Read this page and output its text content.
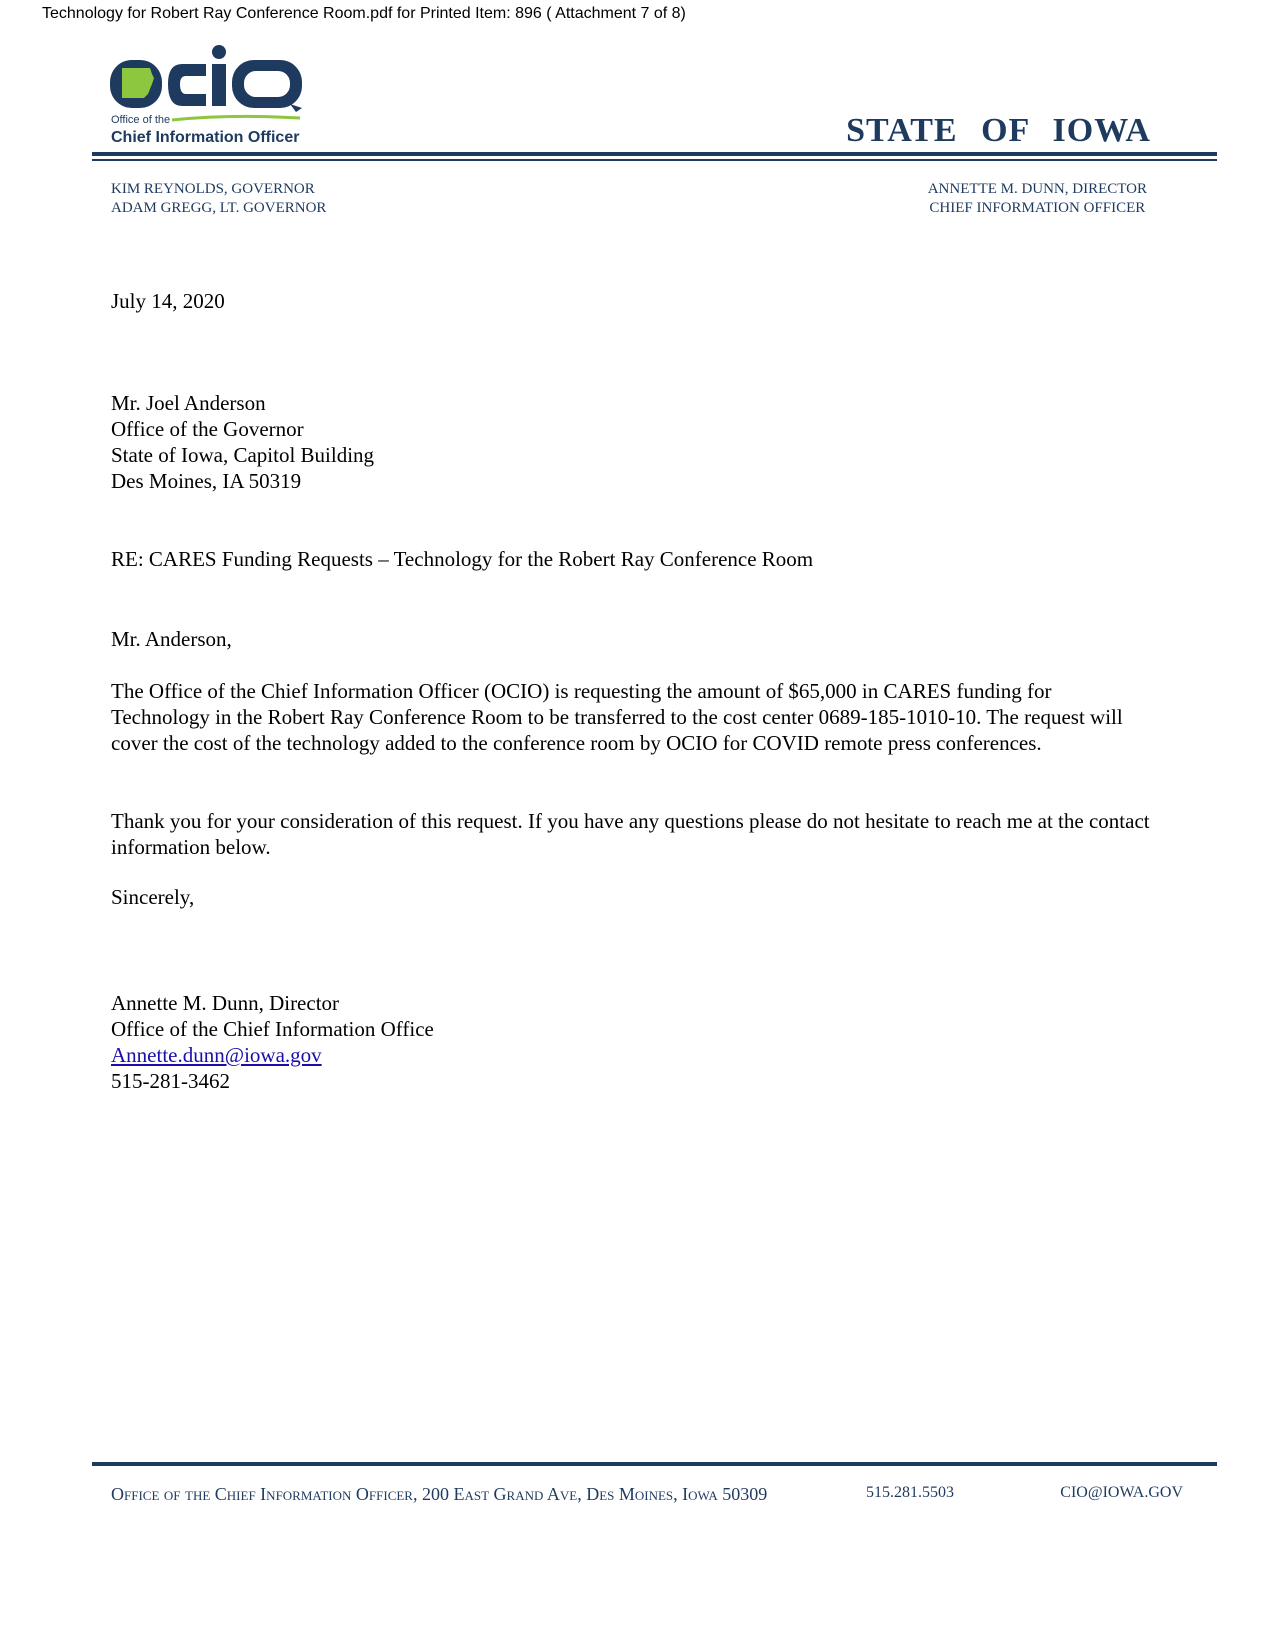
Technology for Robert Ray Conference Room.pdf for Printed Item: 896 ( Attachment 7 of 8)
Office of the
Chief Information Officer	STATE OF IOWA
KIM REYNOLDS, GOVERNOR
ADAM GREGG, LT. GOVERNOR
ANNETTE M. DUNN, DIRECTOR
CHIEF INFORMATION OFFICER
July 14, 2020
Mr. Joel Anderson
Office of the Governor
State of Iowa, Capitol Building
Des Moines, IA 50319
RE: CARES Funding Requests – Technology for the Robert Ray Conference Room
Mr. Anderson,
The Office of the Chief Information Officer (OCIO) is requesting the amount of $65,000 in CARES funding for Technology in the Robert Ray Conference Room to be transferred to the cost center 0689-185-1010-10. The request will cover the cost of the technology added to the conference room by OCIO for COVID remote press conferences.
Thank you for your consideration of this request. If you have any questions please do not hesitate to reach me at the contact information below.
Sincerely,
Annette M. Dunn, Director
Office of the Chief Information Office
Annette.dunn@iowa.gov
515-281-3462
Office of the Chief Information Officer, 200 East Grand Ave, Des Moines, Iowa 50309	515.281.5503	CIO@IOWA.GOV
